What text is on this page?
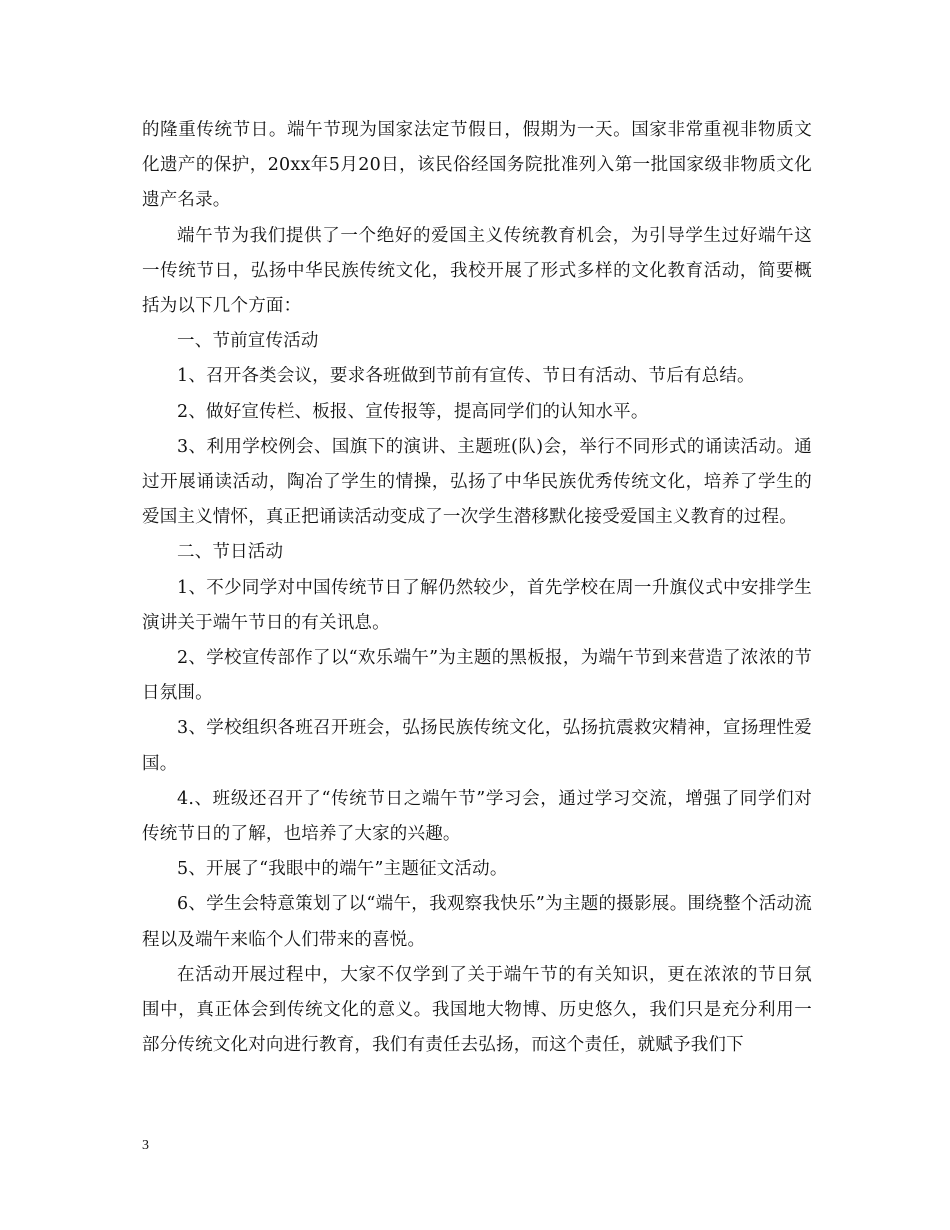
的隆重传统节日。端午节现为国家法定节假日，假期为一天。国家非常重视非物质文化遗产的保护，20xx年5月20日，该民俗经国务院批准列入第一批国家级非物质文化遗产名录。

端午节为我们提供了一个绝好的爱国主义传统教育机会，为引导学生过好端午这一传统节日，弘扬中华民族传统文化，我校开展了形式多样的文化教育活动，简要概括为以下几个方面：

一、节前宣传活动

1、召开各类会议，要求各班做到节前有宣传、节日有活动、节后有总结。

2、做好宣传栏、板报、宣传报等，提高同学们的认知水平。

3、利用学校例会、国旗下的演讲、主题班(队)会，举行不同形式的诵读活动。通过开展诵读活动，陶冶了学生的情操，弘扬了中华民族优秀传统文化，培养了学生的爱国主义情怀，真正把诵读活动变成了一次学生潜移默化接受爱国主义教育的过程。

二、节日活动

1、不少同学对中国传统节日了解仍然较少，首先学校在周一升旗仪式中安排学生演讲关于端午节日的有关讯息。

2、学校宣传部作了以“欢乐端午”为主题的黑板报，为端午节到来营造了浓浓的节日氛围。

3、学校组织各班召开班会，弘扬民族传统文化，弘扬抗震救灾精神，宣扬理性爱国。

4.、班级还召开了“传统节日之端午节”学习会，通过学习交流，增强了同学们对传统节日的了解，也培养了大家的兴趣。

5、开展了“我眼中的端午”主题征文活动。

6、学生会特意策划了以“端午，我观察我快乐”为主题的摄影展。围绕整个活动流程以及端午来临个人们带来的喜悦。

在活动开展过程中，大家不仅学到了关于端午节的有关知识，更在浓浓的节日氛围中，真正体会到传统文化的意义。我国地大物博、历史悠久，我们只是充分利用一部分传统文化对向进行教育，我们有责任去弘扬，而这个责任，就赋予我们下

3
